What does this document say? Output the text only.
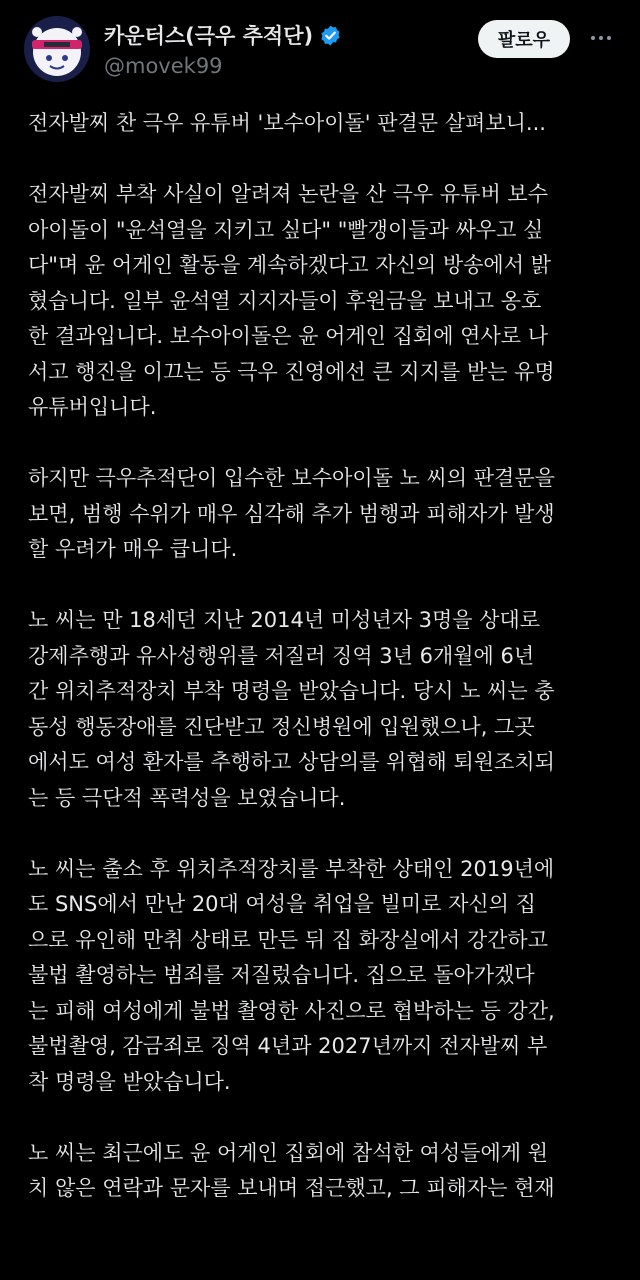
카운터스(극우 추적단)
@movek99
팔로우

전자발찌 찬 극우 유튜버 '보수아이돌' 판결문 살펴보니...

전자발찌 부착 사실이 알려져 논란을 산 극우 유튜버 보수
아이돌이 "윤석열을 지키고 싶다" "빨갱이들과 싸우고 싶
다"며 윤 어게인 활동을 계속하겠다고 자신의 방송에서 밝
혔습니다. 일부 윤석열 지지자들이 후원금을 보내고 옹호
한 결과입니다. 보수아이돌은 윤 어게인 집회에 연사로 나
서고 행진을 이끄는 등 극우 진영에선 큰 지지를 받는 유명
유튜버입니다.

하지만 극우추적단이 입수한 보수아이돌 노 씨의 판결문을
보면, 범행 수위가 매우 심각해 추가 범행과 피해자가 발생
할 우려가 매우 큽니다.

노 씨는 만 18세던 지난 2014년 미성년자 3명을 상대로
강제추행과 유사성행위를 저질러 징역 3년 6개월에 6년
간 위치추적장치 부착 명령을 받았습니다. 당시 노 씨는 충
동성 행동장애를 진단받고 정신병원에 입원했으나, 그곳
에서도 여성 환자를 추행하고 상담의를 위협해 퇴원조치되
는 등 극단적 폭력성을 보였습니다.

노 씨는 출소 후 위치추적장치를 부착한 상태인 2019년에
도 SNS에서 만난 20대 여성을 취업을 빌미로 자신의 집
으로 유인해 만취 상태로 만든 뒤 집 화장실에서 강간하고
불법 촬영하는 범죄를 저질렀습니다. 집으로 돌아가겠다
는 피해 여성에게 불법 촬영한 사진으로 협박하는 등 강간,
불법촬영, 감금죄로 징역 4년과 2027년까지 전자발찌 부
착 명령을 받았습니다.

노 씨는 최근에도 윤 어게인 집회에 참석한 여성들에게 원
치 않은 연락과 문자를 보내며 접근했고, 그 피해자는 현재
